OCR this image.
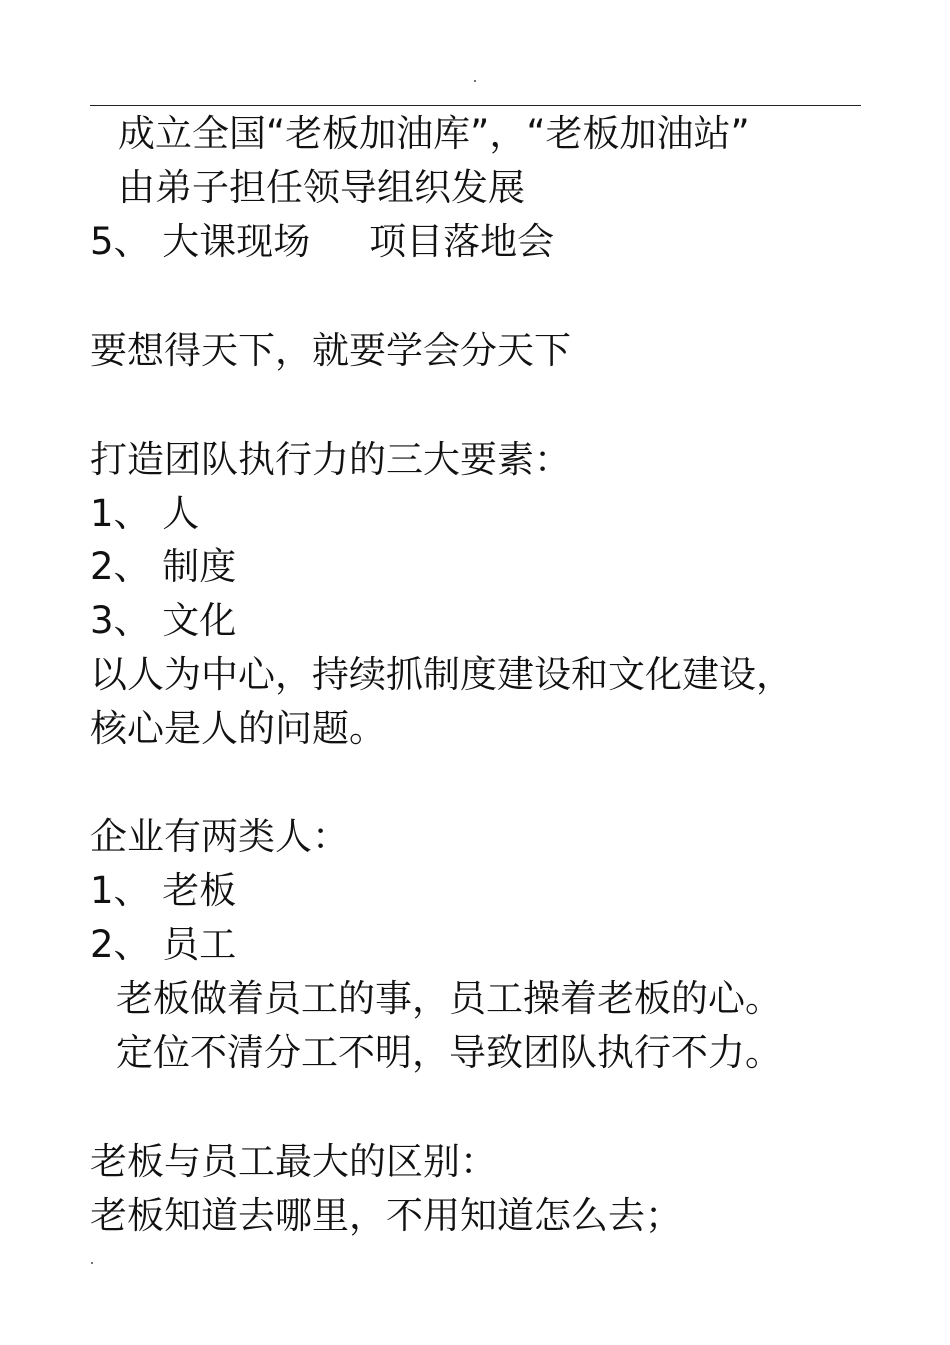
成立全国“老板加油库”，“老板加油站”
由弟子担任领导组织发展
5、 大课现场     项目落地会
要想得天下，就要学会分天下
打造团队执行力的三大要素：
1、 人
2、 制度
3、 文化
以人为中心，持续抓制度建设和文化建设，
核心是人的问题。
企业有两类人：
1、 老板
2、 员工
老板做着员工的事，员工操着老板的心。
定位不清分工不明，导致团队执行不力。
老板与员工最大的区别：
老板知道去哪里，不用知道怎么去；
